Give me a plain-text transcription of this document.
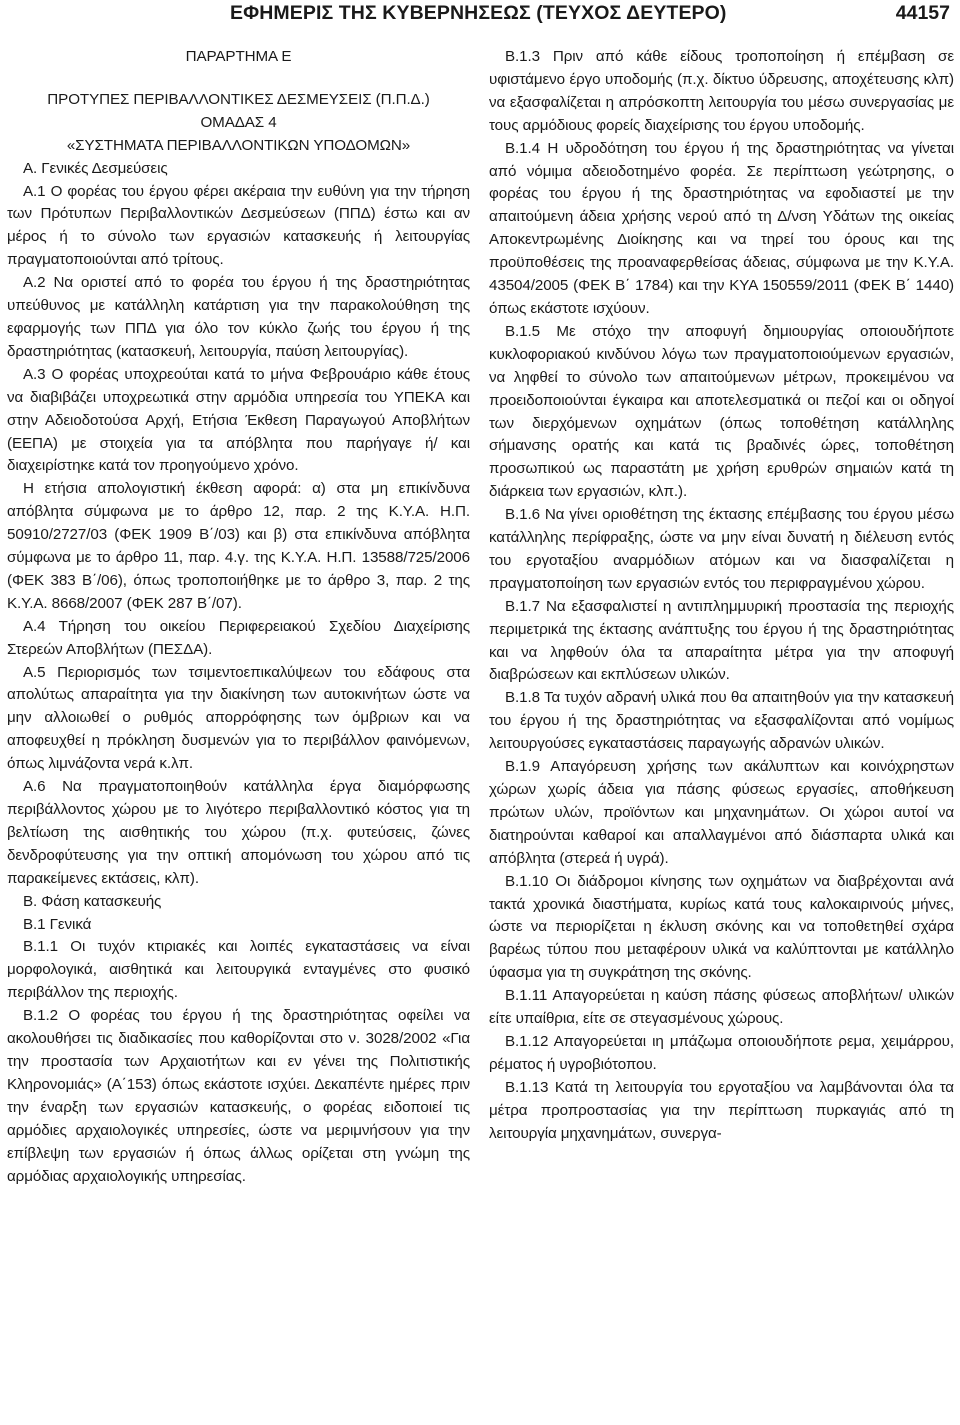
ΕΦΗΜΕΡΙΣ ΤΗΣ ΚΥΒΕΡΝΗΣΕΩΣ (ΤΕΥΧΟΣ ΔΕΥΤΕΡΟ)	44157

ΠΑΡΑΡΤΗΜΑ Ε

ΠΡΟΤΥΠΕΣ ΠΕΡΙΒΑΛΛΟΝΤΙΚΕΣ ΔΕΣΜΕΥΣΕΙΣ (Π.Π.Δ.)

ΟΜΑΔΑΣ 4

«ΣΥΣΤΗΜΑΤΑ ΠΕΡΙΒΑΛΛΟΝΤΙΚΩΝ ΥΠΟΔΟΜΩΝ»

Α. Γενικές Δεσμεύσεις

Α.1 Ο φορέας του έργου φέρει ακέραια την ευθύνη για την τήρηση των Πρότυπων Περιβαλλοντικών Δεσμεύσεων (ΠΠΔ) έστω και αν μέρος ή το σύνολο των εργασιών κατασκευής ή λειτουργίας πραγματοποιούνται από τρίτους.

Α.2 Να οριστεί από το φορέα του έργου ή της δραστηριότητας υπεύθυνος με κατάλληλη κατάρτιση για την παρακολούθηση της εφαρμογής των ΠΠΔ για όλο τον κύκλο ζωής του έργου ή της δραστηριότητας (κατασκευή, λειτουργία, παύση λειτουργίας).

Α.3 Ο φορέας υποχρεούται κατά το μήνα Φεβρουάριο κάθε έτους να διαβιβάζει υποχρεωτικά στην αρμόδια υπηρεσία του ΥΠΕΚΑ και στην Αδειοδοτούσα Αρχή, Ετήσια Έκθεση Παραγωγού Αποβλήτων (ΕΕΠΑ) με στοιχεία για τα απόβλητα που παρήγαγε ή/ και διαχειρίστηκε κατά τον προηγούμενο χρόνο.

Η ετήσια απολογιστική έκθεση αφορά: α) στα μη επικίνδυνα απόβλητα σύμφωνα με το άρθρο 12, παρ. 2 της Κ.Υ.Α. Η.Π. 50910/2727/03 (ΦΕΚ 1909 Β΄/03) και β) στα επικίνδυνα απόβλητα σύμφωνα με το άρθρο 11, παρ. 4.γ. της Κ.Υ.Α. Η.Π. 13588/725/2006 (ΦΕΚ 383 Β΄/06), όπως τροποποιήθηκε με το άρθρο 3, παρ. 2 της Κ.Υ.Α. 8668/2007 (ΦΕΚ 287 Β΄/07).

Α.4 Τήρηση του οικείου Περιφερειακού Σχεδίου Διαχείρισης Στερεών Αποβλήτων (ΠΕΣΔΑ).

Α.5 Περιορισμός των τσιμεντοεπικαλύψεων του εδάφους στα απολύτως απαραίτητα για την διακίνηση των αυτοκινήτων ώστε να μην αλλοιωθεί ο ρυθμός απορρόφησης των όμβριων και να αποφευχθεί η πρόκληση δυσμενών για το περιβάλλον φαινόμενων, όπως λιμνάζοντα νερά κ.λπ.

Α.6 Να πραγματοποιηθούν κατάλληλα έργα διαμόρφωσης περιβάλλοντος χώρου με το λιγότερο περιβαλλοντικό κόστος για τη βελτίωση της αισθητικής του χώρου (π.χ. φυτεύσεις, ζώνες δενδροφύτευσης για την οπτική απομόνωση του χώρου από τις παρακείμενες εκτάσεις, κλπ).

Β. Φάση κατασκευής

Β.1 Γενικά

Β.1.1 Οι τυχόν κτιριακές και λοιπές εγκαταστάσεις να είναι μορφολογικά, αισθητικά και λειτουργικά ενταγμένες στο φυσικό περιβάλλον της περιοχής.

Β.1.2 Ο φορέας του έργου ή της δραστηριότητας οφείλει να ακολουθήσει τις διαδικασίες που καθορίζονται στο ν. 3028/2002 «Για την προστασία των Αρχαιοτήτων και εν γένει της Πολιτιστικής Κληρονομιάς» (Α΄153) όπως εκάστοτε ισχύει. Δεκαπέντε ημέρες πριν την έναρξη των εργασιών κατασκευής, ο φορέας ειδοποιεί τις αρμόδιες αρχαιολογικές υπηρεσίες, ώστε να μεριμνήσουν για την επίβλεψη των εργασιών ή όπως άλλως ορίζεται στη γνώμη της αρμόδιας αρχαιολογικής υπηρεσίας.

Β.1.3 Πριν από κάθε είδους τροποποίηση ή επέμβαση σε υφιστάμενο έργο υποδομής (π.χ. δίκτυο ύδρευσης, αποχέτευσης κλπ) να εξασφαλίζεται η απρόσκοπτη λειτουργία του μέσω συνεργασίας με τους αρμόδιους φορείς διαχείρισης του έργου υποδομής.

Β.1.4 Η υδροδότηση του έργου ή της δραστηριότητας να γίνεται από νόμιμα αδειοδοτημένο φορέα. Σε περίπτωση γεώτρησης, ο φορέας του έργου ή της δραστηριότητας να εφοδιαστεί με την απαιτούμενη άδεια χρήσης νερού από τη Δ/νση Υδάτων της οικείας Αποκεντρωμένης Διοίκησης και να τηρεί του όρους και της προϋποθέσεις της προαναφερθείσας άδειας, σύμφωνα με την Κ.Υ.Α. 43504/2005 (ΦΕΚ Β΄ 1784) και την ΚΥΑ 150559/2011 (ΦΕΚ Β΄ 1440) όπως εκάστοτε ισχύουν.

Β.1.5 Με στόχο την αποφυγή δημιουργίας οποιουδήποτε κυκλοφοριακού κινδύνου λόγω των πραγματοποιούμενων εργασιών, να ληφθεί το σύνολο των απαιτούμενων μέτρων, προκειμένου να προειδοποιούνται έγκαιρα και αποτελεσματικά οι πεζοί και οι οδηγοί των διερχόμενων οχημάτων (όπως τοποθέτηση κατάλληλης σήμανσης ορατής και κατά τις βραδινές ώρες, τοποθέτηση προσωπικού ως παραστάτη με χρήση ερυθρών σημαιών κατά τη διάρκεια των εργασιών, κλπ.).

Β.1.6 Να γίνει οριοθέτηση της έκτασης επέμβασης του έργου μέσω κατάλληλης περίφραξης, ώστε να μην είναι δυνατή η διέλευση εντός του εργοταξίου αναρμόδιων ατόμων και να διασφαλίζεται η πραγματοποίηση των εργασιών εντός του περιφραγμένου χώρου.

Β.1.7 Να εξασφαλιστεί η αντιπλημμυρική προστασία της περιοχής περιμετρικά της έκτασης ανάπτυξης του έργου ή της δραστηριότητας και να ληφθούν όλα τα απαραίτητα μέτρα για την αποφυγή διαβρώσεων και εκπλύσεων υλικών.

Β.1.8 Τα τυχόν αδρανή υλικά που θα απαιτηθούν για την κατασκευή του έργου ή της δραστηριότητας να εξασφαλίζονται από νομίμως λειτουργούσες εγκαταστάσεις παραγωγής αδρανών υλικών.

Β.1.9 Απαγόρευση χρήσης των ακάλυπτων και κοινόχρηστων χώρων χωρίς άδεια για πάσης φύσεως εργασίες, αποθήκευση πρώτων υλών, προϊόντων και μηχανημάτων. Οι χώροι αυτοί να διατηρούνται καθαροί και απαλλαγμένοι από διάσπαρτα υλικά και απόβλητα (στερεά ή υγρά).

Β.1.10 Οι διάδρομοι κίνησης των οχημάτων να διαβρέχονται ανά τακτά χρονικά διαστήματα, κυρίως κατά τους καλοκαιρινούς μήνες, ώστε να περιορίζεται η έκλυση σκόνης και να τοποθετηθεί σχάρα βαρέως τύπου που μεταφέρουν υλικά να καλύπτονται με κατάλληλο ύφασμα για τη συγκράτηση της σκόνης.

Β.1.11 Απαγορεύεται η καύση πάσης φύσεως αποβλήτων/ υλικών είτε υπαίθρια, είτε σε στεγασμένους χώρους.

Β.1.12 Απαγορεύεται ιη μπάζωμα οποιουδήποτε ρεμα, χειμάρρου, ρέματος ή υγροβιότοπου.

Β.1.13 Κατά τη λειτουργία του εργοταξίου να λαμβάνονται όλα τα μέτρα προπροστασίας για την περίπτωση πυρκαγιάς από τη λειτουργία μηχανημάτων, συνεργα-
